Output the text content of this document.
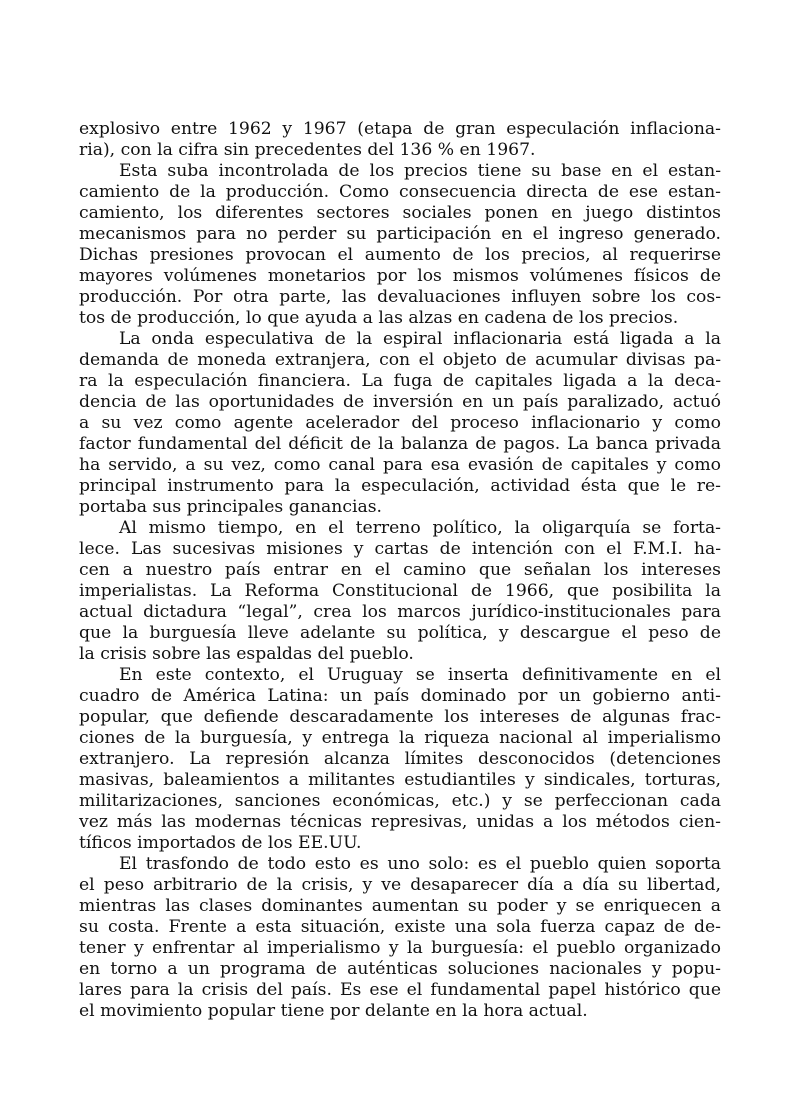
explosivo entre 1962 y 1967 (etapa de gran especulación inflaciona-
ria), con la cifra sin precedentes del 136 % en 1967.
Esta suba incontrolada de los precios tiene su base en el estan-
camiento de la producción. Como consecuencia directa de ese estan-
camiento, los diferentes sectores sociales ponen en juego distintos
mecanismos para no perder su participación en el ingreso generado.
Dichas presiones provocan el aumento de los precios, al requerirse
mayores volúmenes monetarios por los mismos volúmenes físicos de
producción. Por otra parte, las devaluaciones influyen sobre los cos-
tos de producción, lo que ayuda a las alzas en cadena de los precios.
La onda especulativa de la espiral inflacionaria está ligada a la
demanda de moneda extranjera, con el objeto de acumular divisas pa-
ra la especulación financiera. La fuga de capitales ligada a la deca-
dencia de las oportunidades de inversión en un país paralizado, actuó
a su vez como agente acelerador del proceso inflacionario y como
factor fundamental del déficit de la balanza de pagos. La banca privada
ha servido, a su vez, como canal para esa evasión de capitales y como
principal instrumento para la especulación, actividad ésta que le re-
portaba sus principales ganancias.
Al mismo tiempo, en el terreno político, la oligarquía se forta-
lece. Las sucesivas misiones y cartas de intención con el F.M.I. ha-
cen a nuestro país entrar en el camino que señalan los intereses
imperialistas. La Reforma Constitucional de 1966, que posibilita la
actual dictadura “legal”, crea los marcos jurídico-institucionales para
que la burguesía lleve adelante su política, y descargue el peso de
la crisis sobre las espaldas del pueblo.
En este contexto, el Uruguay se inserta definitivamente en el
cuadro de América Latina: un país dominado por un gobierno anti-
popular, que defiende descaradamente los intereses de algunas frac-
ciones de la burguesía, y entrega la riqueza nacional al imperialismo
extranjero. La represión alcanza límites desconocidos (detenciones
masivas, baleamientos a militantes estudiantiles y sindicales, torturas,
militarizaciones, sanciones económicas, etc.) y se perfeccionan cada
vez más las modernas técnicas represivas, unidas a los métodos cien-
tíficos importados de los EE.UU.
El trasfondo de todo esto es uno solo: es el pueblo quien soporta
el peso arbitrario de la crisis, y ve desaparecer día a día su libertad,
mientras las clases dominantes aumentan su poder y se enriquecen a
su costa. Frente a esta situación, existe una sola fuerza capaz de de-
tener y enfrentar al imperialismo y la burguesía: el pueblo organizado
en torno a un programa de auténticas soluciones nacionales y popu-
lares para la crisis del país. Es ese el fundamental papel histórico que
el movimiento popular tiene por delante en la hora actual.
